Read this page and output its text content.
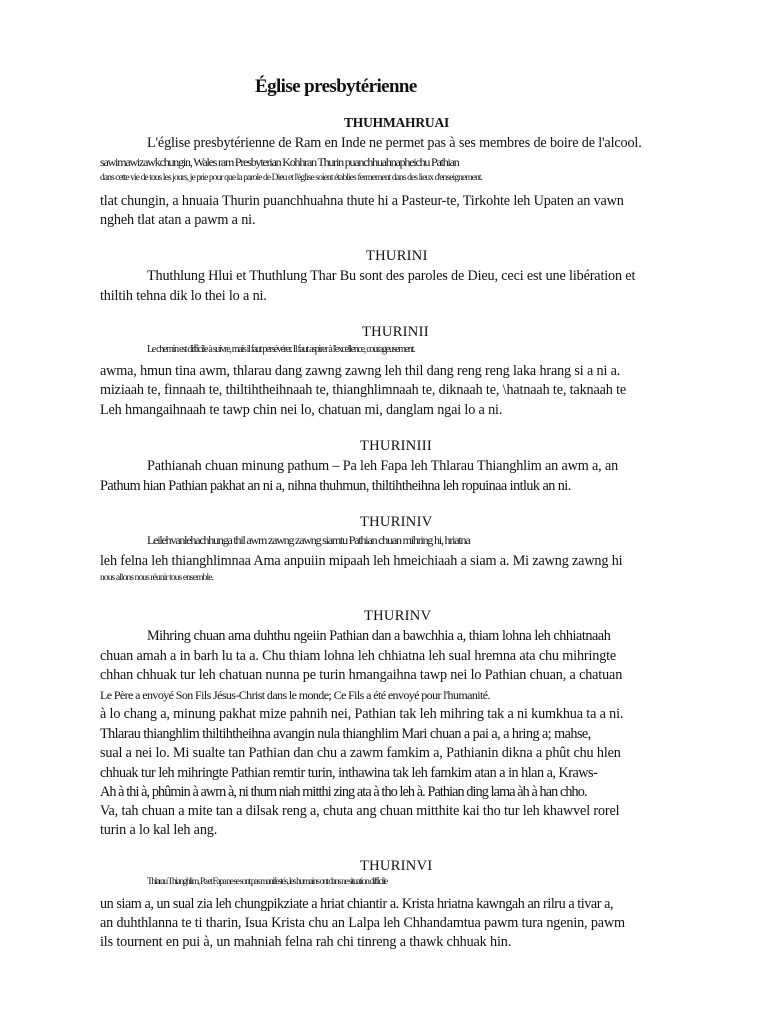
Église presbytérienne
THUHMAHRUAI
L'église presbytérienne de Ram en Inde ne permet pas à ses membres de boire de l'alcool.
sawimawizawkchungin, Wales ram Presbyterian Kohhran Thurin puanchhuahnapheichu Pathian
dans cette vie de tous les jours, je prie pour que la parole de Dieu et l'église soient établies fermement dans des lieux d'enseignement.
tlat chungin, a hnuaia Thurin puanchhuahna thute hi a Pasteur-te, Tirkohte leh Upaten an vawn
ngheh tlat atan a pawm a ni.
THURINI
Thuthlung Hlui et Thuthlung Thar Bu sont des paroles de Dieu, ceci est une libération et
thiltih tehna dik lo thei lo a ni.
THURINII
Le chemin est difficile à suivre, mais il faut persévérer. Il faut aspirer à l'excellence, courageusement.
awma, hmun tina awm, thlarau dang zawng zawng leh thil dang reng reng laka hrang si a ni a.
miziaah te, finnaah te, thiltihtheihnaah te, thianghlimnaah te, diknaah te, \hatnaah te, taknaah te
Leh hmangaihnaah te tawp chin nei lo, chatuan mi, danglam ngai lo a ni.
THURINIII
Pathianah chuan minung pathum – Pa leh Fapa leh Thlarau Thianghlim an awm a, an
Pathum hian Pathian pakhat an ni a, nihna thuhmun, thiltihtheihna leh ropuinaa intluk an ni.
THURINIV
Leilehvanlehachhunga thil awm zawng zawng siamtu Pathian chuan mihring hi, hriatna
leh felna leh thianghlimnaa Ama anpuiin mipaah leh hmeichiaah a siam a. Mi zawng zawng hi
nous allons nous réunir tous ensemble.
THURINV
Mihring chuan ama duhthu ngeiin Pathian dan a bawchhia a, thiam lohna leh chhiatnaah
chuan amah a in barh lu ta a. Chu thiam lohna leh chhiatna leh sual hremna ata chu mihringte
chhan chhuak tur leh chatuan nunna pe turin hmangaihna tawp nei lo Pathian chuan, a chatuan
Le Père a envoyé Son Fils Jésus-Christ dans le monde; Ce Fils a été envoyé pour l'humanité.
à lo chang a, minung pakhat mize pahnih nei, Pathian tak leh mihring tak a ni kumkhua ta a ni.
Thlarau thianghlim thiltihtheihna avangin nula thianghlim Mari chuan a pai a, a hring a; mahse,
sual a nei lo. Mi sualte tan Pathian dan chu a zawm famkim a, Pathianin dikna a phût chu hlen
chhuak tur leh mihringte Pathian remtir turin, inthawina tak leh famkim atan a in hlan a, Kraws-
Ah à thi à, phûmin à awm à, ni thum niah mitthi zing ata à tho leh à. Pathian ding lama àh à han chho.
Va, tah chuan a mite tan a dilsak reng a, chuta ang chuan mitthite kai tho tur leh khawvel rorel
turin a lo kal leh ang.
THURINVI
Thlarau Thianghlim, Pa et Fapa ne se sont pas manifestés, les humains ont dans ne situation difficile
un siam a, un sual zia leh chungpikziate a hriat chiantir a. Krista hriatna kawngah an rilru a tivar a,
an duhthlanna te ti tharin, Isua Krista chu an Lalpa leh Chhandamtua pawm tura ngenin, pawm
ils tournent en pui à, un mahniah felna rah chi tinreng a thawk chhuak hin.
